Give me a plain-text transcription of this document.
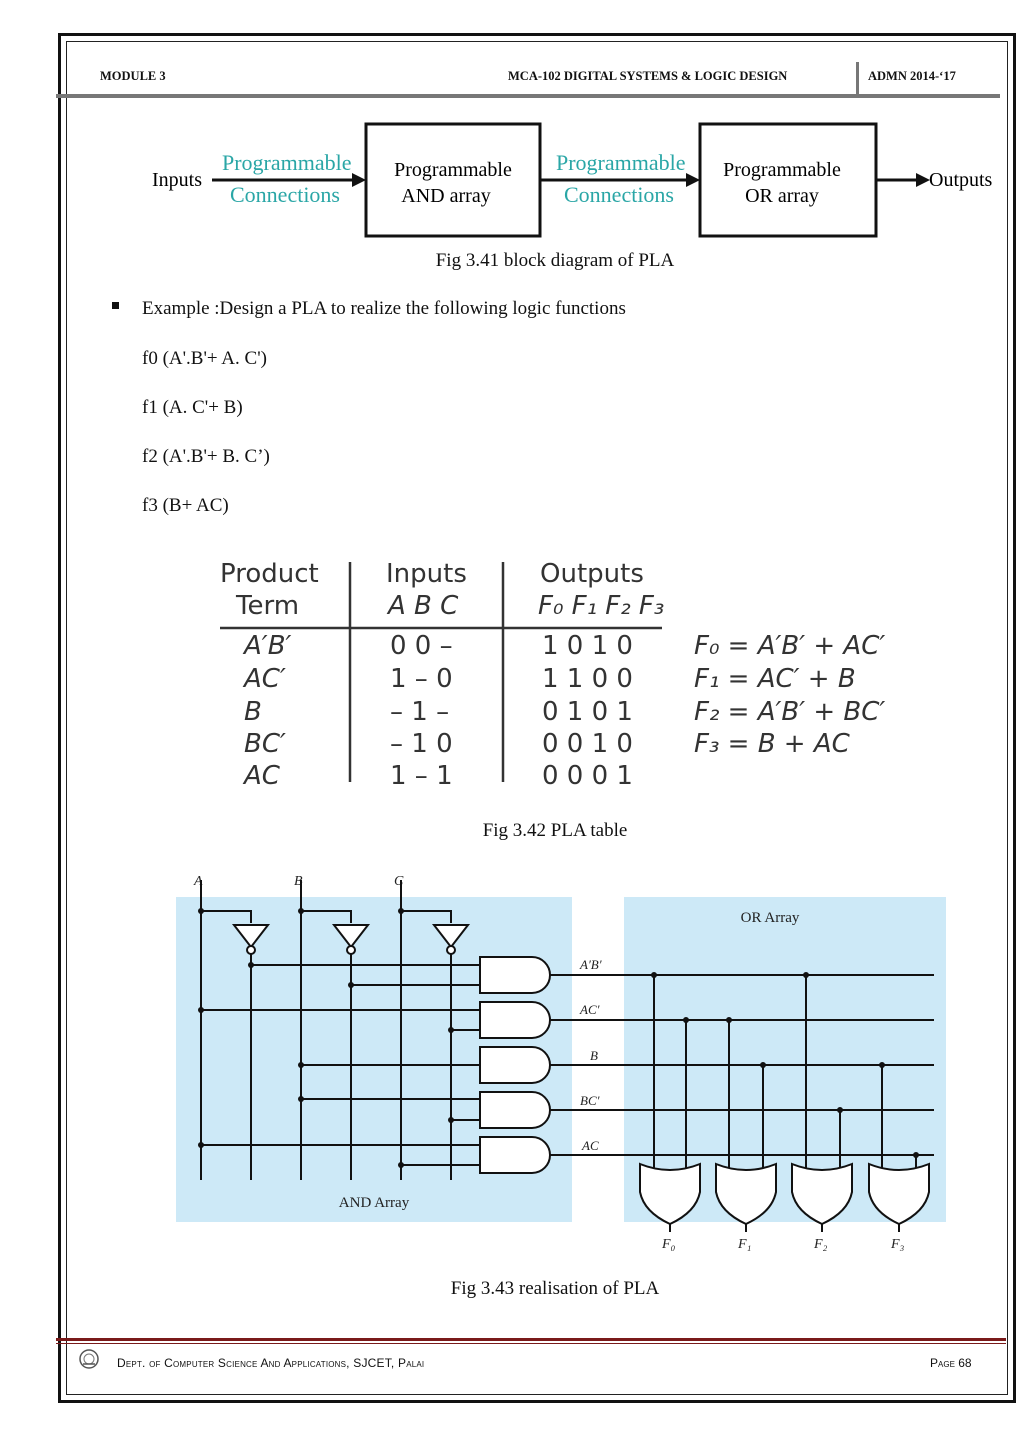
MODULE 3	MCA-102 DIGITAL SYSTEMS & LOGIC DESIGN	ADMN 2014-‘17
Inputs
Programmable
Connections
Programmable
AND array
Programmable
Connections
Programmable
OR array
Outputs
Fig 3.41 block diagram of PLA
Example :Design a PLA to realize the following logic functions
f0 (A'.B'+ A. C')
f1 (A. C'+ B)
f2 (A'.B'+ B. C’)
f3 (B+ AC)
Product
Term
Inputs
A B C
Outputs
F₀ F₁ F₂ F₃
A′B′	0 0 –	1 0 1 0
AC′	1 – 0	1 1 0 0
B	– 1 –	0 1 0 1
BC′	– 1 0	0 0 1 0
AC	1 – 1	0 0 0 1
F₀ = A′B′ + AC′
F₁ = AC′ + B
F₂ = A′B′ + BC′
F₃ = B + AC
Fig 3.42 PLA table
AND Array
OR Array
A	B	C
A′B′
AC′
B
BC′
AC
F₀	F₁	F₂	F₃
Fig 3.43 realisation of PLA
Dept. of Computer Science And Applications, SJCET, Palai	Page 68
